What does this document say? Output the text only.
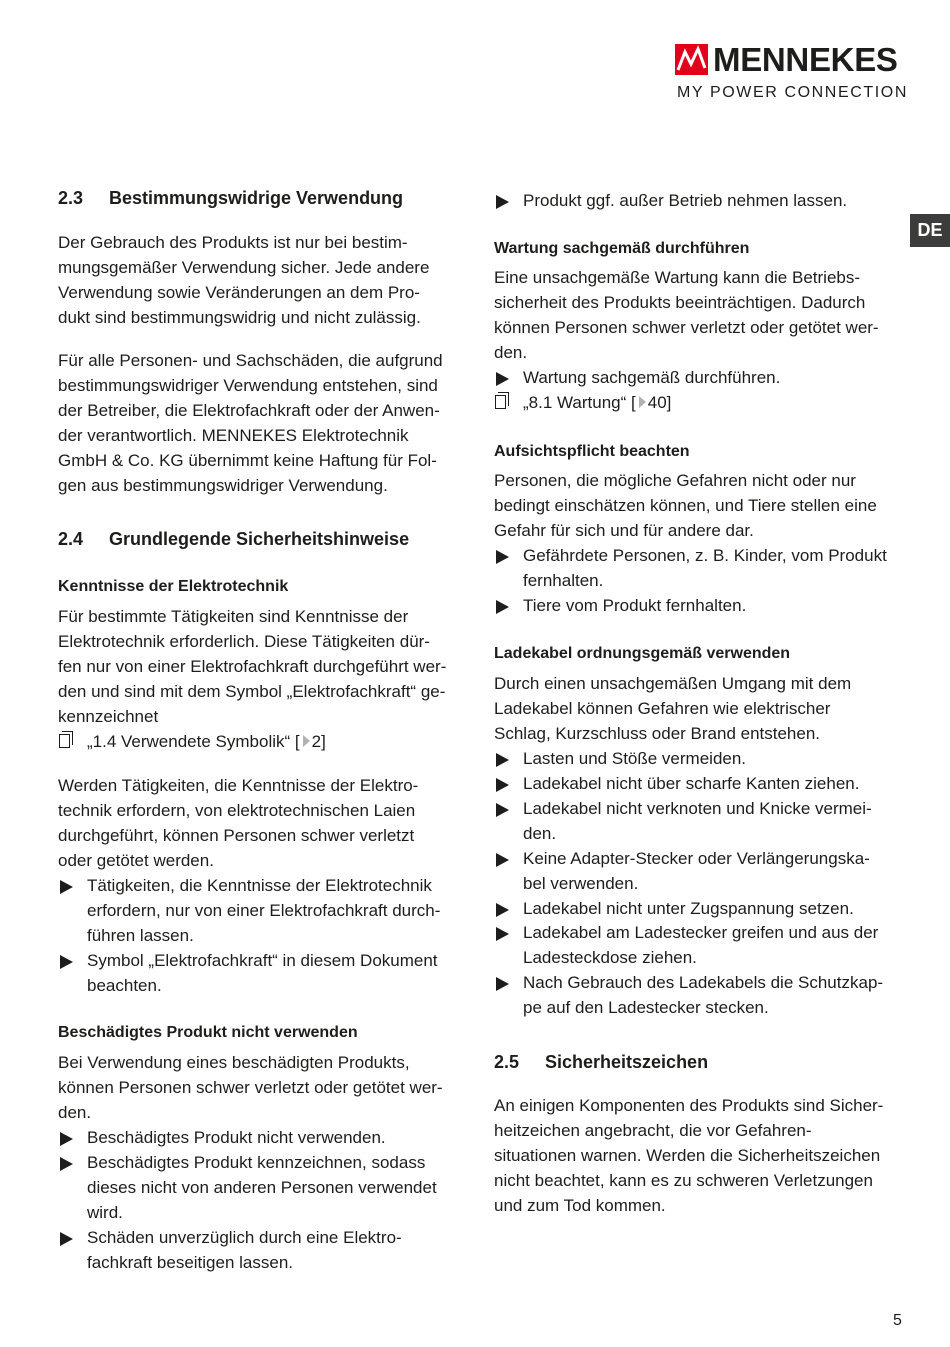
MENNEKES
MY POWER CONNECTION
DE
2.3 Bestimmungswidrige Verwendung

Der Gebrauch des Produkts ist nur bei bestim-
mungsgemäßer Verwendung sicher. Jede andere
Verwendung sowie Veränderungen an dem Pro-
dukt sind bestimmungswidrig und nicht zulässig.

Für alle Personen- und Sachschäden, die aufgrund
bestimmungswidriger Verwendung entstehen, sind
der Betreiber, die Elektrofachkraft oder der Anwen-
der verantwortlich. MENNEKES Elektrotechnik
GmbH & Co. KG übernimmt keine Haftung für Fol-
gen aus bestimmungswidriger Verwendung.

2.4 Grundlegende Sicherheitshinweise
Kenntnisse der Elektrotechnik

Für bestimmte Tätigkeiten sind Kenntnisse der
Elektrotechnik erforderlich. Diese Tätigkeiten dür-
fen nur von einer Elektrofachkraft durchgeführt wer-
den und sind mit dem Symbol „Elektrofachkraft“ ge-
kennzeichnet

„1.4 Verwendete Symbolik“ [ 2]

Werden Tätigkeiten, die Kenntnisse der Elektro-
technik erfordern, von elektrotechnischen Laien
durchgeführt, können Personen schwer verletzt
oder getötet werden.

Tätigkeiten, die Kenntnisse der Elektrotechnik
erfordern, nur von einer Elektrofachkraft durch-
führen lassen.
Symbol „Elektrofachkraft“ in diesem Dokument
beachten.
Beschädigtes Produkt nicht verwenden

Bei Verwendung eines beschädigten Produkts,
können Personen schwer verletzt oder getötet wer-
den.

Beschädigtes Produkt nicht verwenden.
Beschädigtes Produkt kennzeichnen, sodass
dieses nicht von anderen Personen verwendet
wird.
Schäden unverzüglich durch eine Elektro-
fachkraft beseitigen lassen.
Produkt ggf. außer Betrieb nehmen lassen.
Wartung sachgemäß durchführen

Eine unsachgemäße Wartung kann die Betriebs-
sicherheit des Produkts beeinträchtigen. Dadurch
können Personen schwer verletzt oder getötet wer-
den.

Wartung sachgemäß durchführen.
„8.1 Wartung“ [ 40]
Aufsichtspflicht beachten

Personen, die mögliche Gefahren nicht oder nur
bedingt einschätzen können, und Tiere stellen eine
Gefahr für sich und für andere dar.

Gefährdete Personen, z. B. Kinder, vom Produkt
fernhalten.
Tiere vom Produkt fernhalten.
Ladekabel ordnungsgemäß verwenden

Durch einen unsachgemäßen Umgang mit dem
Ladekabel können Gefahren wie elektrischer
Schlag, Kurzschluss oder Brand entstehen.

Lasten und Stöße vermeiden.
Ladekabel nicht über scharfe Kanten ziehen.
Ladekabel nicht verknoten und Knicke vermei-
den.
Keine Adapter-Stecker oder Verlängerungska-
bel verwenden.
Ladekabel nicht unter Zugspannung setzen.
Ladekabel am Ladestecker greifen und aus der
Ladesteckdose ziehen.
Nach Gebrauch des Ladekabels die Schutzkap-
pe auf den Ladestecker stecken.
2.5 Sicherheitszeichen

An einigen Komponenten des Produkts sind Sicher-
heitzeichen angebracht, die vor Gefahren-
situationen warnen. Werden die Sicherheitszeichen
nicht beachtet, kann es zu schweren Verletzungen
und zum Tod kommen.

5
